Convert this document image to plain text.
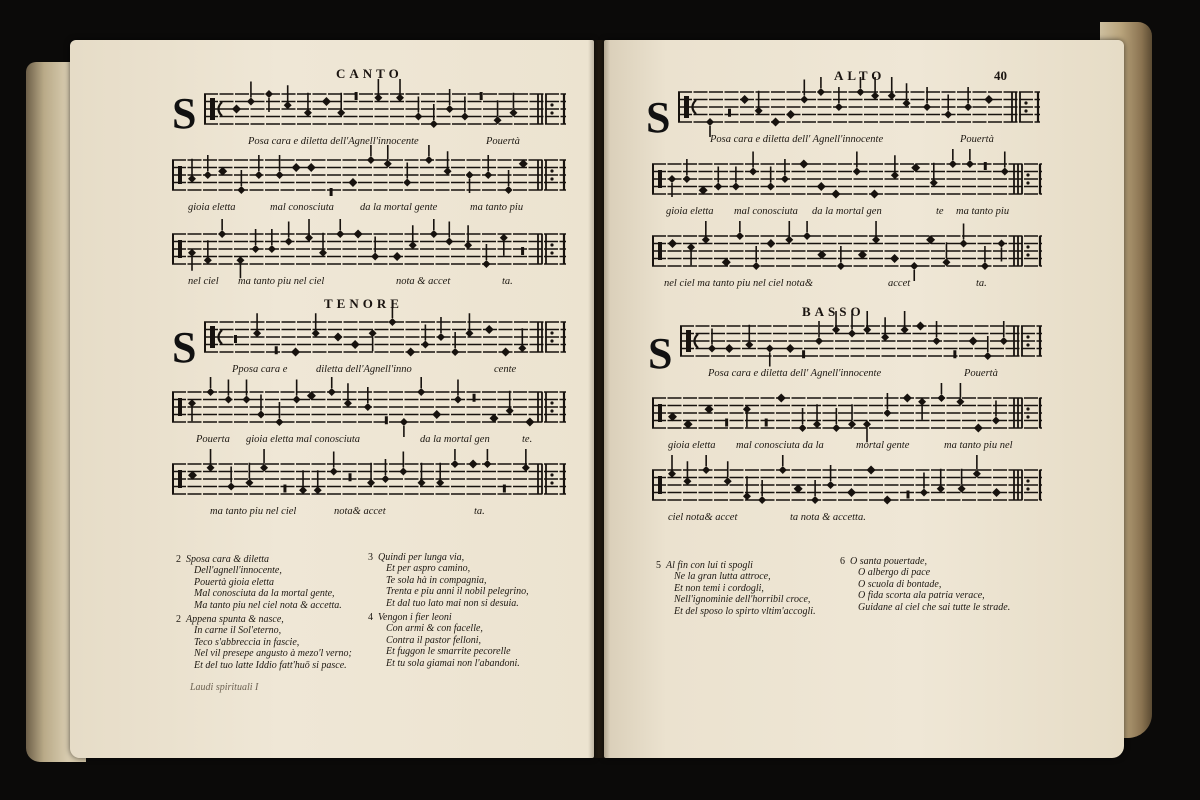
CANTO
S
Posa cara e diletta dell'Agnell'innocente	Pouertà
gioia eletta	mal conosciuta da la mortal gente	ma tanto piu
nel ciel ma tanto piu nel ciel	nota & accet	ta.
TENORE
S	Pposa cara e	diletta dell'Agnell'inno	cente
Pouerta gioia eletta mal conosciuta	da la mortal gen	te.
ma tanto piu nel ciel	nota& accet	ta.
ALTO
S	Posa cara e diletta dell' Agnell'innocente	Pouertà
gioia eletta mal conosciuta da la mortal gen	te ma tanto piu
nel ciel ma tanto piu nel ciel nota&	accet	ta.
BASSO
S	Posa cara e diletta dell' Agnell'innocente	Pouertà
gioia eletta mal conosciuta da la	mortal gente	ma tanto piu nel
ciel nota& accet	ta nota & accetta.
40
2 Sposa cara & diletta
Dell'agnell'innocente,
Pouertà gioia eletta
Mal conosciuta da la mortal gente,
Ma tanto piu nel ciel nota & accetta.
3 Quindi per lunga via,
Et per aspro camino,
Te sola hà in compagnia,
Trenta e piu anni il nobil pelegrino,
Et dal tuo lato mai non si desuia.
2 Appena spunta & nasce,
In carne il Sol'eterno,
Teco s'abbreccia in fascie,
Nel vil presepe angusto à mezo'l verno;
Et del tuo latte Iddio fatt'huō si pasce.
4 Vengon i fier leoni
Con armi & con facelle,
Contra il pastor felloni,
Et fuggon le smarrite pecorelle
Et tu sola giamai non l'abandoni.
5 Al fin con lui ti spogli
Ne la gran lutta attroce,
Et non temi i cordogli,
Nell'ignominie dell'horribil croce,
Et del sposo lo spirto vltim'accogli.
6 O santa pouertade,
O albergo di pace
O scuola di bontade,
O fida scorta ala patria verace,
Guidane al ciel che sai tutte le strade.
Laudi spirituali I
